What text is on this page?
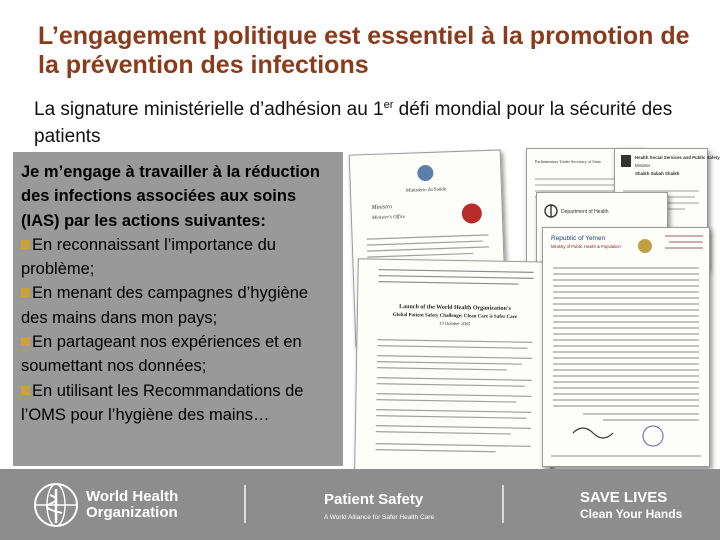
L’engagement politique est essentiel à la promotion de la prévention des infections
La signature ministérielle d’adhésion au 1er défi mondial pour la sécurité des patients
Je m’engage à travailler à la réduction des infections associées aux soins (IAS) par les actions suivantes:
En reconnaissant l’importance du problème;
En menant des campagnes d’hygiène des mains dans mon pays;
En partageant nos expériences et en soumettant nos données;
En utilisant les Recommandations de l’OMS pour l’hygiène des mains…
Ministério da Saúde
Ministro
Minister's Office
Parliamentary Under Secretary of State
Health Social Services and Public Safety
Minister
Shaikh Sabah Shaikh
Department of Health
Launch of the World Health Organization's
Global Patient Safety Challenge: Clean Care is Safer Care
13 October 2005
Republic of Yemen
Ministry of Public Health & Population
World Health Organization
Patient Safety
A World Alliance for Safer Health Care
SAVE LIVES
Clean Your Hands
